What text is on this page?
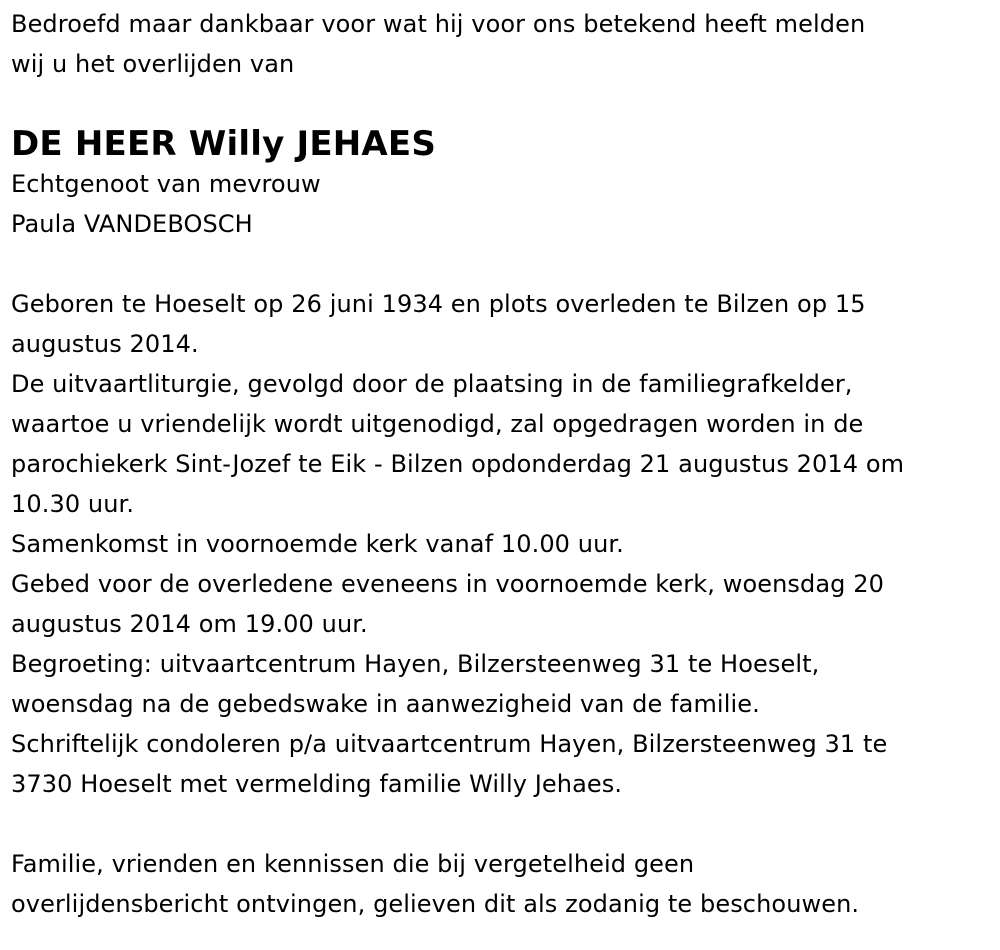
Bedroefd maar dankbaar voor wat hij voor ons betekend heeft melden
wij u het overlijden van
DE HEER Willy JEHAES
Echtgenoot van mevrouw
Paula VANDEBOSCH
Geboren te Hoeselt op 26 juni 1934 en plots overleden te Bilzen op 15
augustus 2014.
De uitvaartliturgie, gevolgd door de plaatsing in de familiegrafkelder,
waartoe u vriendelijk wordt uitgenodigd, zal opgedragen worden in de
parochiekerk Sint-Jozef te Eik - Bilzen opdonderdag 21 augustus 2014 om
10.30 uur.
Samenkomst in voornoemde kerk vanaf 10.00 uur.
Gebed voor de overledene eveneens in voornoemde kerk, woensdag 20
augustus 2014 om 19.00 uur.
Begroeting: uitvaartcentrum Hayen, Bilzersteenweg 31 te Hoeselt,
woensdag na de gebedswake in aanwezigheid van de familie.
Schriftelijk condoleren p/a uitvaartcentrum Hayen, Bilzersteenweg 31 te
3730 Hoeselt met vermelding familie Willy Jehaes.
Familie, vrienden en kennissen die bij vergetelheid geen
overlijdensbericht ontvingen, gelieven dit als zodanig te beschouwen.
